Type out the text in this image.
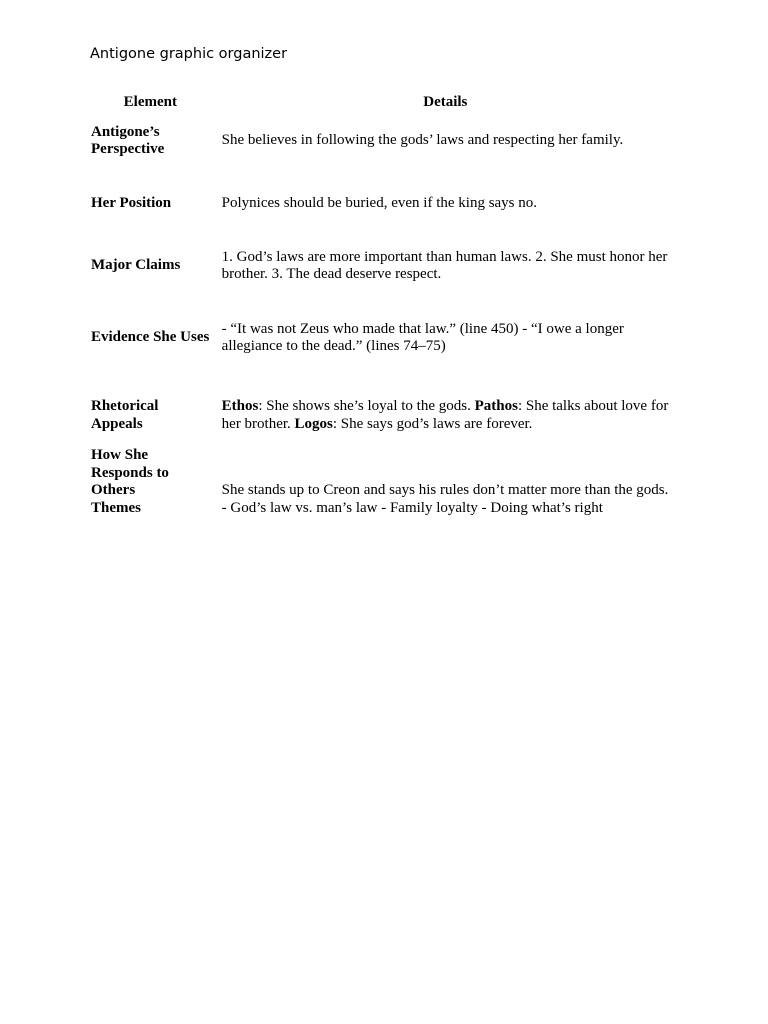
Antigone graphic organizer
Element	Details
Antigone’s Perspective	She believes in following the gods’ laws and respecting her family.
Her Position	Polynices should be buried, even if the king says no.
Major Claims	1. God’s laws are more important than human laws. 2. She must honor her brother. 3. The dead deserve respect.
Evidence She Uses	- “It was not Zeus who made that law.” (line 450) - “I owe a longer allegiance to the dead.” (lines 74–75)
Rhetorical Appeals	Ethos: She shows she’s loyal to the gods. Pathos: She talks about love for her brother. Logos: She says god’s laws are forever.
How She Responds to Others	She stands up to Creon and says his rules don’t matter more than the gods.
Themes	- God’s law vs. man’s law - Family loyalty - Doing what’s right
